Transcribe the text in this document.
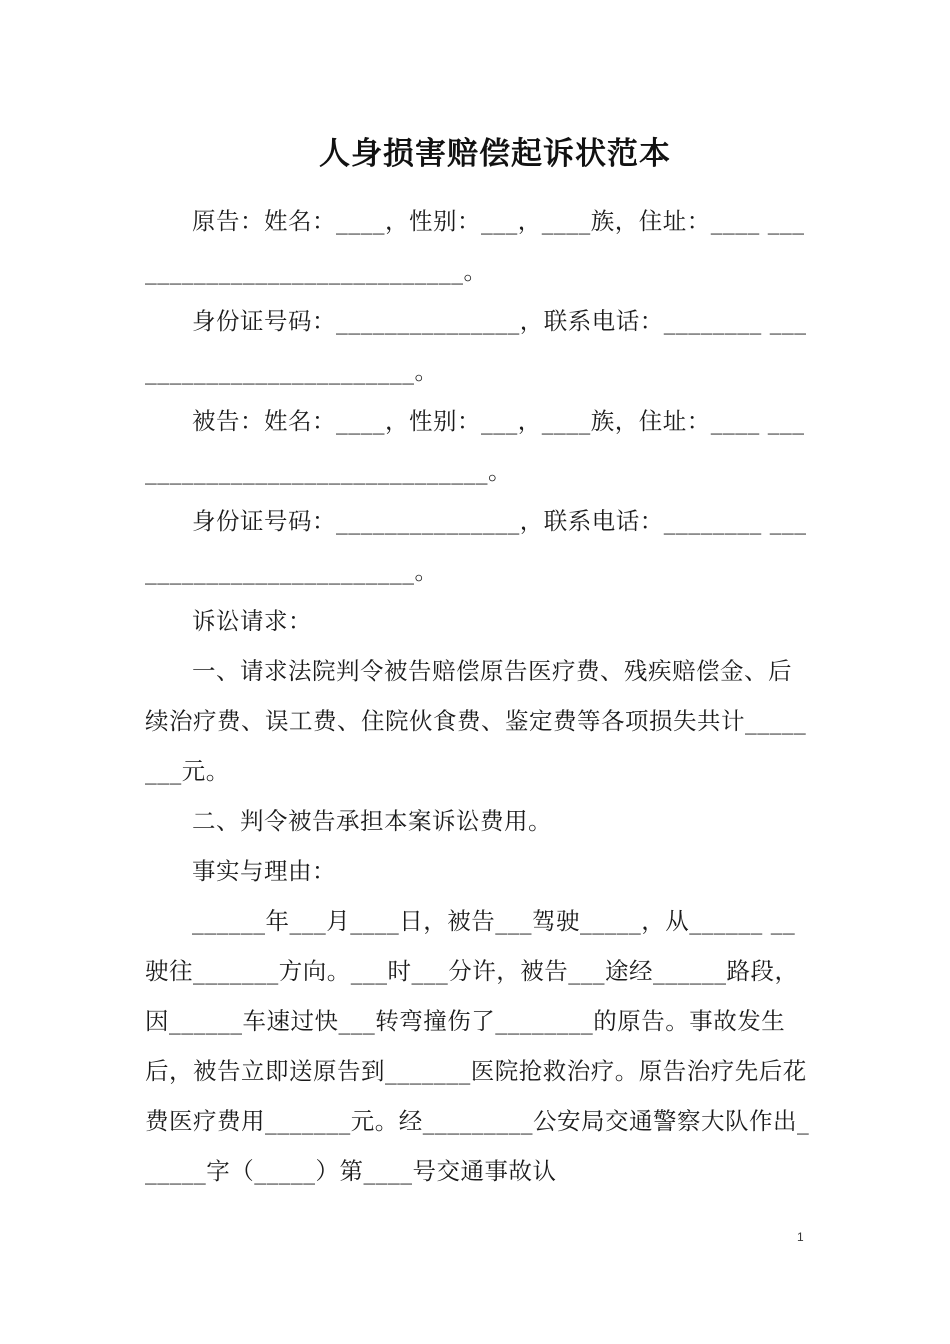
人身损害赔偿起诉状范本

原告：姓名：____，性别：___，____族，住址：____ _____________________________。

身份证号码：_______________，联系电话：________ _________________________。

被告：姓名：____，性别：___，____族，住址：____ _______________________________。

身份证号码：_______________，联系电话：________ _________________________。

诉讼请求：

一、请求法院判令被告赔偿原告医疗费、残疾赔偿金、后续治疗费、误工费、住院伙食费、鉴定费等各项损失共计________元。

二、判令被告承担本案诉讼费用。

事实与理由：

______年___月____日，被告___驾驶_____，从______ __驶往_______方向。___时___分许，被告___途经______路段，因______车速过快___转弯撞伤了________的原告。事故发生后，被告立即送原告到_______医院抢救治疗。原告治疗先后花费医疗费用_______元。经_________公安局交通警察大队作出______字（_____）第____号交通事故认

1
